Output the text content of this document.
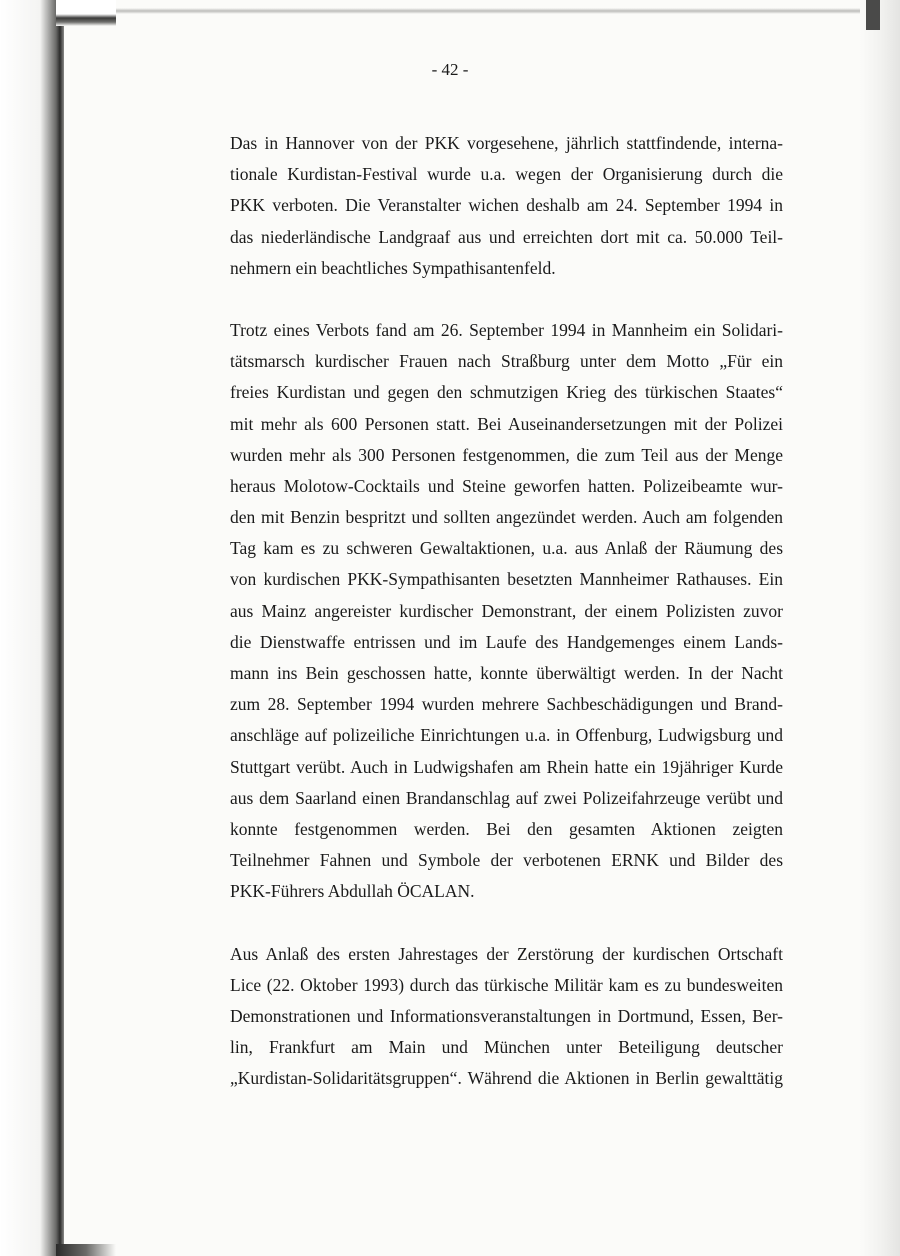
- 42 -

Das in Hannover von der PKK vorgesehene, jährlich stattfindende, interna-
tionale Kurdistan-Festival wurde u.a. wegen der Organisierung durch die
PKK verboten. Die Veranstalter wichen deshalb am 24. September 1994 in
das niederländische Landgraaf aus und erreichten dort mit ca. 50.000 Teil-
nehmern ein beachtliches Sympathisantenfeld.

Trotz eines Verbots fand am 26. September 1994 in Mannheim ein Solidari-
tätsmarsch kurdischer Frauen nach Straßburg unter dem Motto „Für ein
freies Kurdistan und gegen den schmutzigen Krieg des türkischen Staates“
mit mehr als 600 Personen statt. Bei Auseinandersetzungen mit der Polizei
wurden mehr als 300 Personen festgenommen, die zum Teil aus der Menge
heraus Molotow-Cocktails und Steine geworfen hatten. Polizeibeamte wur-
den mit Benzin bespritzt und sollten angezündet werden. Auch am folgenden
Tag kam es zu schweren Gewaltaktionen, u.a. aus Anlaß der Räumung des
von kurdischen PKK-Sympathisanten besetzten Mannheimer Rathauses. Ein
aus Mainz angereister kurdischer Demonstrant, der einem Polizisten zuvor
die Dienstwaffe entrissen und im Laufe des Handgemenges einem Lands-
mann ins Bein geschossen hatte, konnte überwältigt werden. In der Nacht
zum 28. September 1994 wurden mehrere Sachbeschädigungen und Brand-
anschläge auf polizeiliche Einrichtungen u.a. in Offenburg, Ludwigsburg und
Stuttgart verübt. Auch in Ludwigshafen am Rhein hatte ein 19jähriger Kurde
aus dem Saarland einen Brandanschlag auf zwei Polizeifahrzeuge verübt und
konnte festgenommen werden. Bei den gesamten Aktionen zeigten
Teilnehmer Fahnen und Symbole der verbotenen ERNK und Bilder des
PKK-Führers Abdullah ÖCALAN.

Aus Anlaß des ersten Jahrestages der Zerstörung der kurdischen Ortschaft
Lice (22. Oktober 1993) durch das türkische Militär kam es zu bundesweiten
Demonstrationen und Informationsveranstaltungen in Dortmund, Essen, Ber-
lin, Frankfurt am Main und München unter Beteiligung deutscher
„Kurdistan-Solidaritätsgruppen“. Während die Aktionen in Berlin gewalttätig
